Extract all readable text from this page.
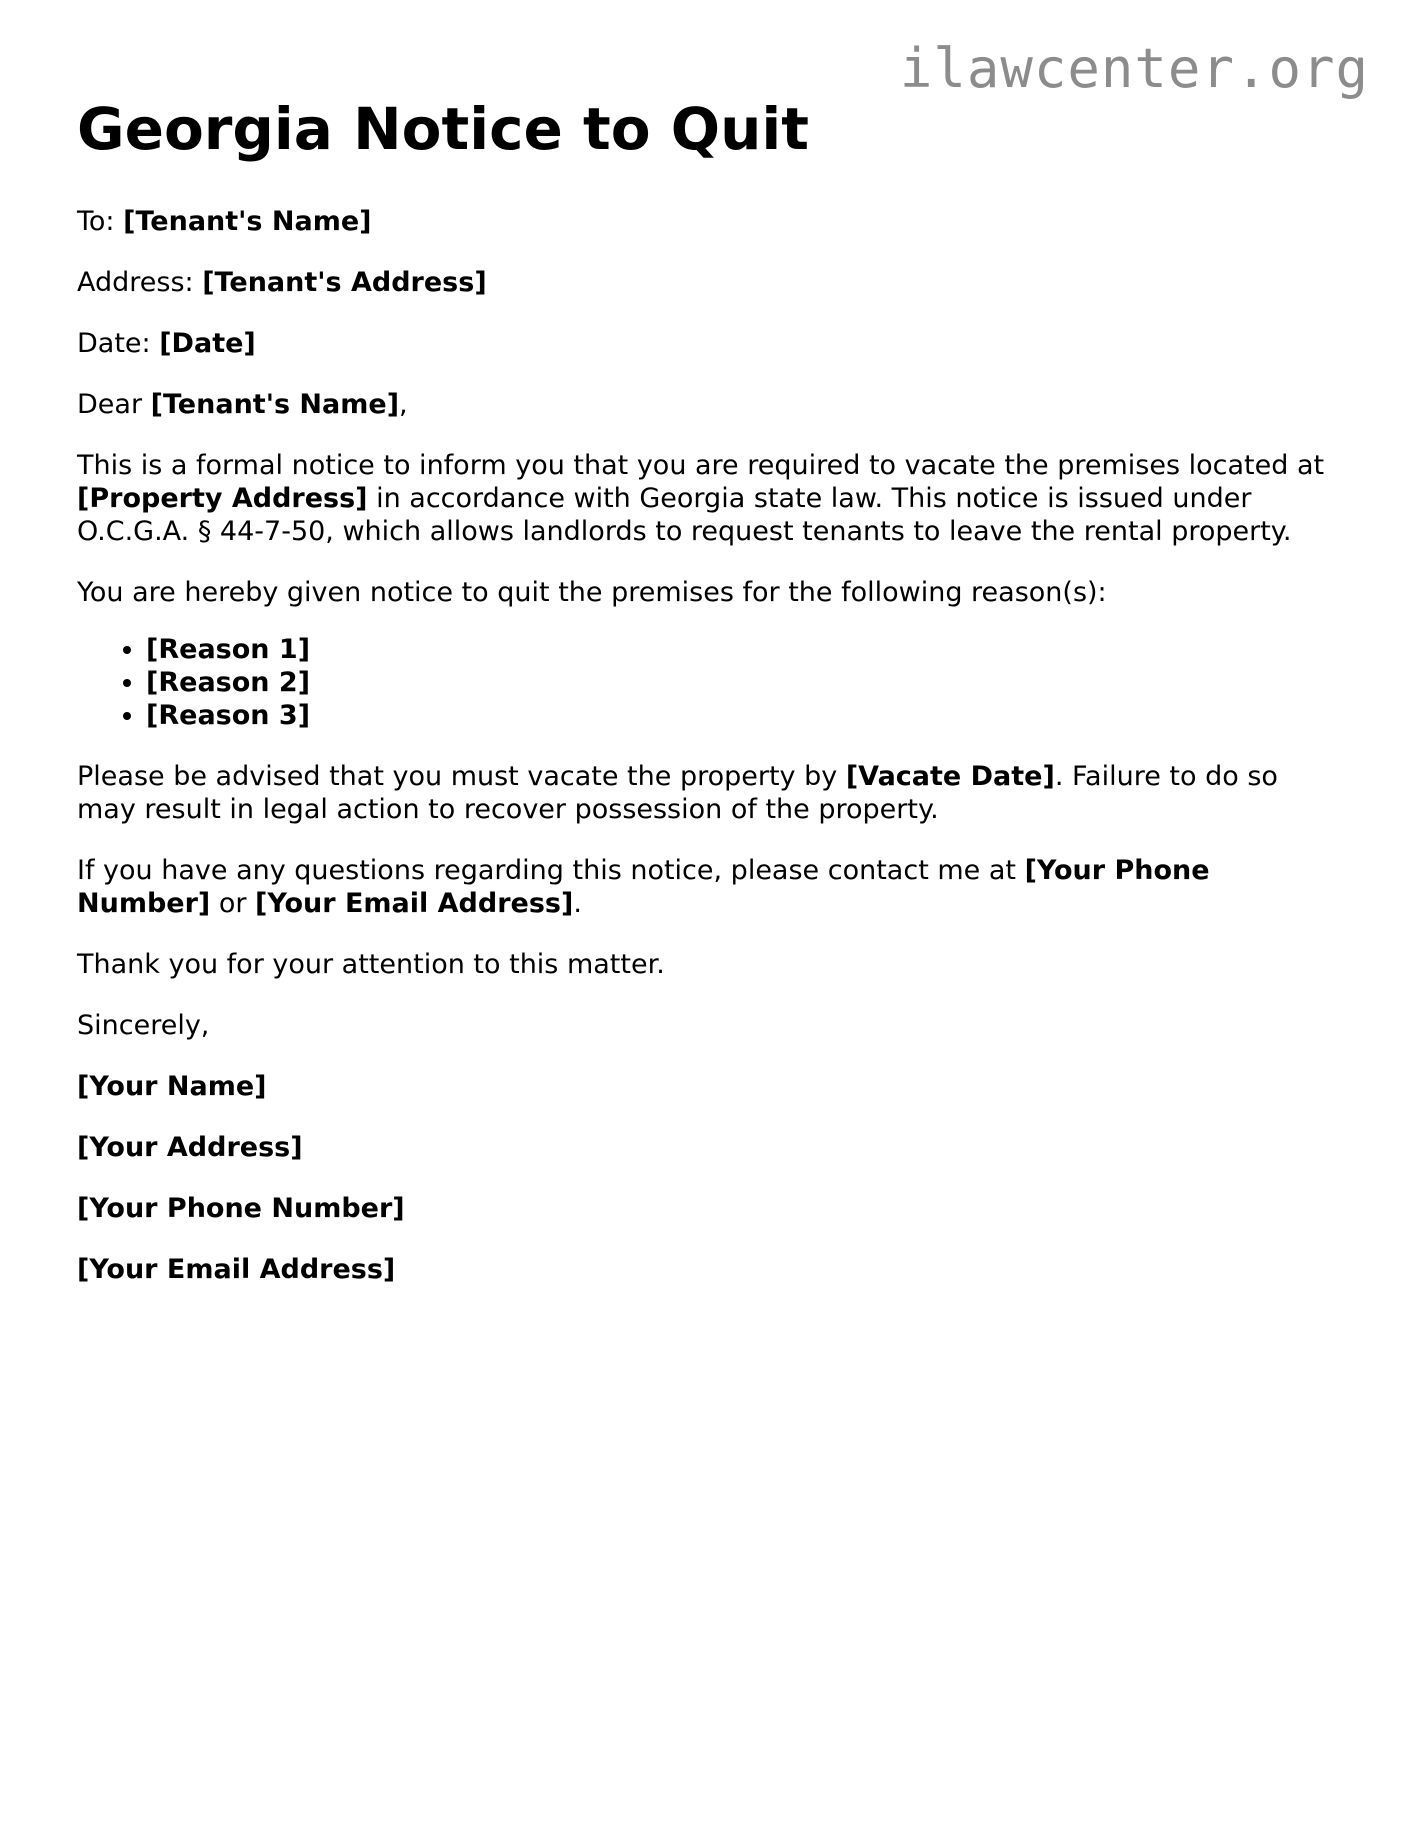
ilawcenter.org
Georgia Notice to Quit

To: [Tenant's Name]

Address: [Tenant's Address]

Date: [Date]

Dear [Tenant's Name],

This is a formal notice to inform you that you are required to vacate the premises located at [Property Address] in accordance with Georgia state law. This notice is issued under O.C.G.A. § 44-7-50, which allows landlords to request tenants to leave the rental property.

You are hereby given notice to quit the premises for the following reason(s):

• [Reason 1]
• [Reason 2]
• [Reason 3]

Please be advised that you must vacate the property by [Vacate Date]. Failure to do so may result in legal action to recover possession of the property.

If you have any questions regarding this notice, please contact me at [Your Phone Number] or [Your Email Address].

Thank you for your attention to this matter.

Sincerely,

[Your Name]

[Your Address]

[Your Phone Number]

[Your Email Address]
